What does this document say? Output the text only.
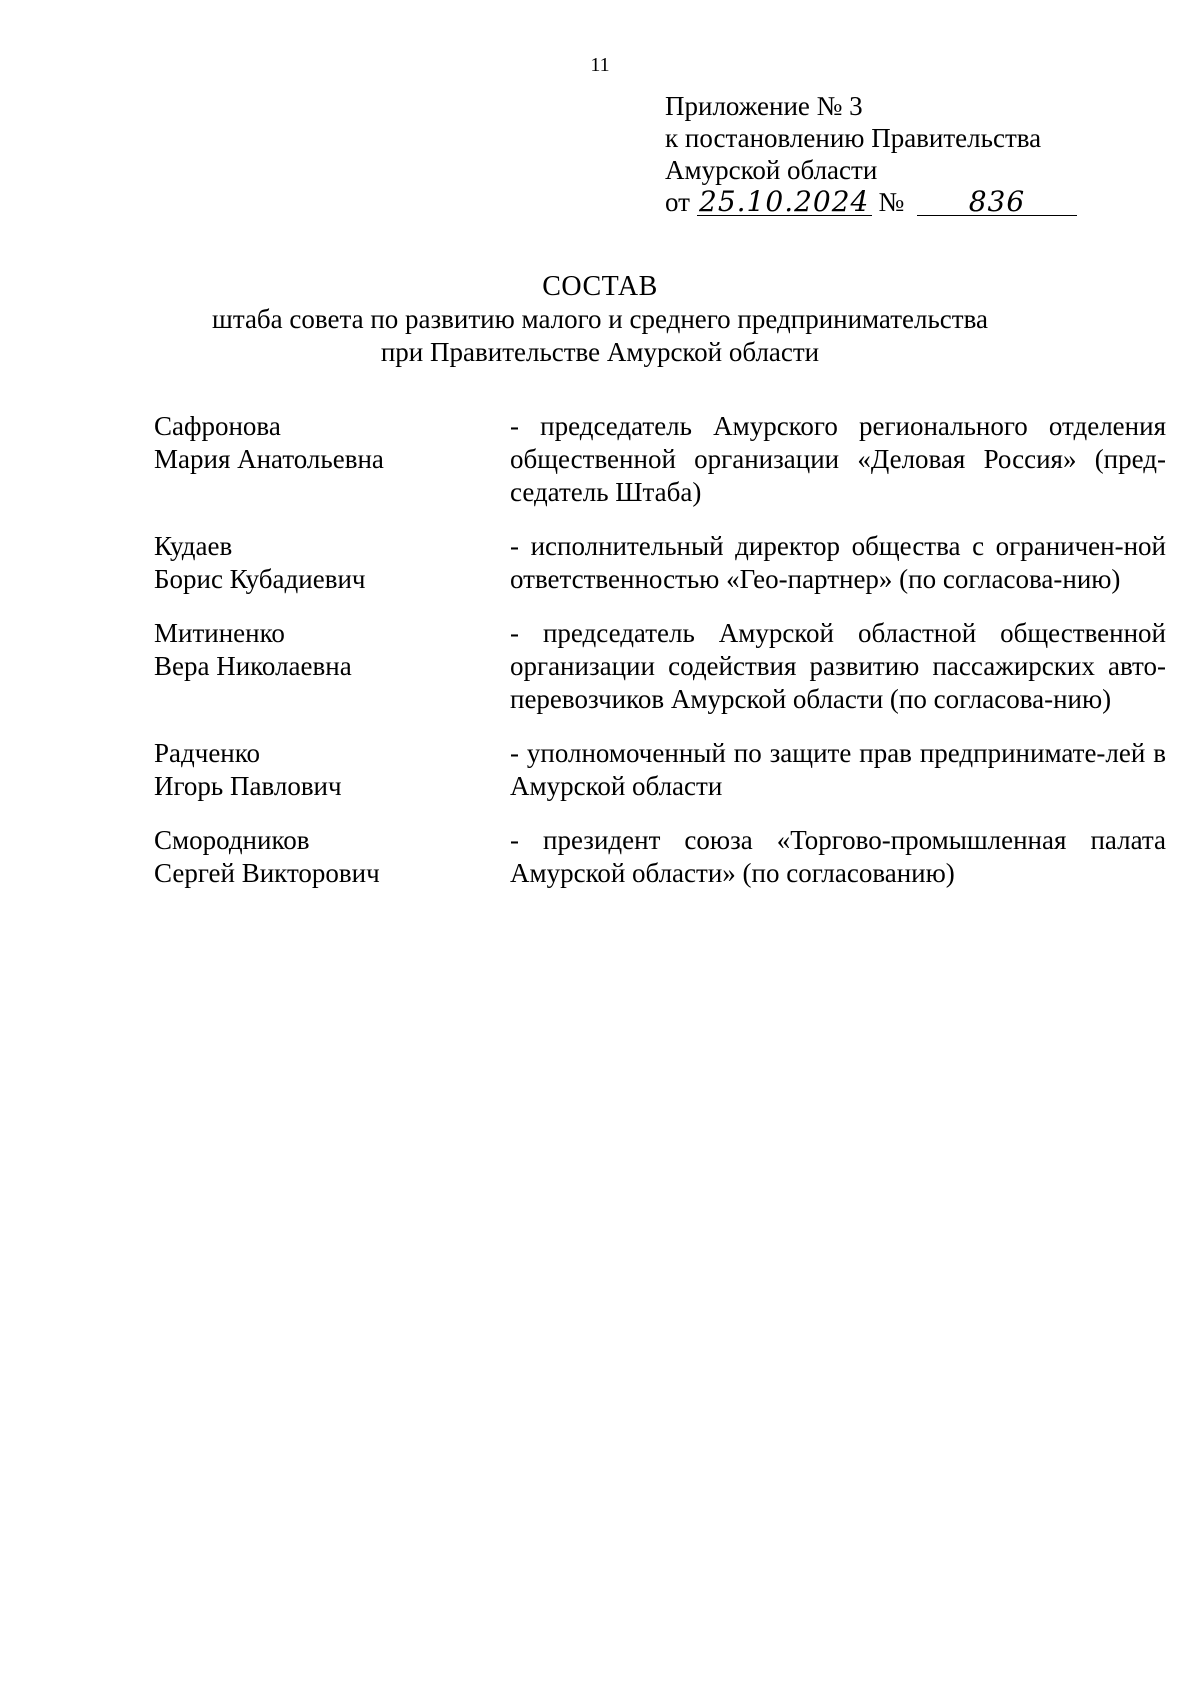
11
Приложение № 3
к постановлению Правительства
Амурской области
от 25.10.2024 № 836
СОСТАВ
штаба совета по развитию малого и среднего предпринимательства
при Правительстве Амурской области
Сафронова
Мария Анатольевна
- председатель Амурского регионального отделения общественной организации «Деловая Россия» (пред-седатель Штаба)
Кудаев
Борис Кубадиевич
- исполнительный директор общества с ограничен-ной ответственностью «Гео-партнер» (по согласова-нию)
Митиненко
Вера Николаевна
- председатель Амурской областной общественной организации содействия развитию пассажирских авто-перевозчиков Амурской области (по согласова-нию)
Радченко
Игорь Павлович
- уполномоченный по защите прав предпринимате-лей в Амурской области
Смородников
Сергей Викторович
- президент союза «Торгово-промышленная палата Амурской области» (по согласованию)
